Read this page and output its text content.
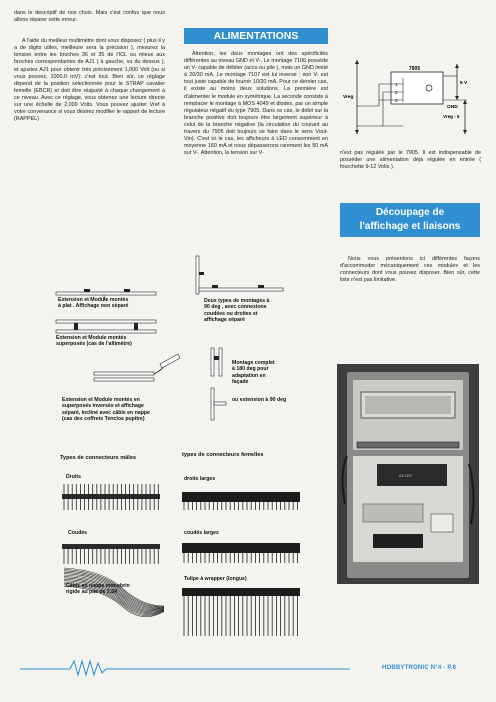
dans le descriptif de nos choix. Mais c'est confus que nous allons réparer cette erreur.

A l'aide du meilleur multimètre dont vous disposez ( plus il y a de digits utiles, meilleure sera la précision ), mesurez la tension entre les broches 36 et 35 de l'ICL ou mieux aux broches correspondantes de AJ1 ( à gauche, vu du dessus ), et ajustez AJ1 pour obtenir très précisément 1,000 Volt (ou si vous pouvez, 1000,0 mV): c'est tout. Bien sûr, ce réglage dépend de la position sélectionnée pour le STRAP cavalier femelle (EBCR) et doit être réajusté à chaque changement à ce niveau. Avec ce réglage, vous obtenez une lecture directe sur une échelle de 2,000 Volts. Vous pouvez ajuster Vref à votre convenance si vous désirez modifier le rapport de lecture (RAPPEL)

ALIMENTATIONS

Attention, les deux montages ont des spécificités différentes au niveau GND et V-. Le montage 7106 possède un V- capable de débiter (accu ou pile ), mais un GND limité à 20/30 mA. Le montage 7107 est lui inverse : son V- est tout juste capable de fournir 10/20 mA. Pour ce dernier cas, il existe au moins deux solutions. La première est d'alimenter le module en symétrique. La seconde consiste à remplacer le montage à MOS 4049 et diodes, par un simple régulateur négatif du type 7905. Dans ce cas, le débit sur la branche positive doit toujours être largement supérieur à celui de la branche négative (la circulation du courant au travers du 7905 doit toujours se faire dans le sens Vout-Vin). C'est ici le cas, les afficheurs à LED consomment en moyenne 160 mA et nous dépasserons rarement les 50 mA sur V-. Attention, la tension sur V-

7905
1
2
3
Vreg
5 V
GND
Vreg - 5

n'est pas régulée par le 7905. Il est indispensable de posséder une alimentation déjà régulée en entrée ( fourchette 9-12 Volts ).

Découpage de
l'affichage et liaisons

Nous vous présentons ici différentes façons d'accommoder mécaniquement ces modules et les connecteurs dont vous pouvez disposer. Bien sûr, cette liste n'est pas limitative.

Extension et Module montés
à plat . Affichage non séparé
Deux types de montages à
90 deg , avec connexions
coudées ou droites et
affichage séparé
Extension et Module montés
superposés (cas de l'altimètre)
Montage complet
à 180 deg pour
adaptation en
façade
ou extension à 90 deg
Extension et Module montés en
superposés inversés et affichage
séparé, incliné avec câble en nappe
(cas des coffrets Tenclos pupitre)
ICL7107
Types de connecteurs mâles	types de connecteurs femelles
Droits	droits larges
Coudés	coudés larges
Câble en nappe monobrin
rigide au pas de 2,54
Tulipe à wrapper (longue)
HOBBYTRONIC N°4 - P.8
